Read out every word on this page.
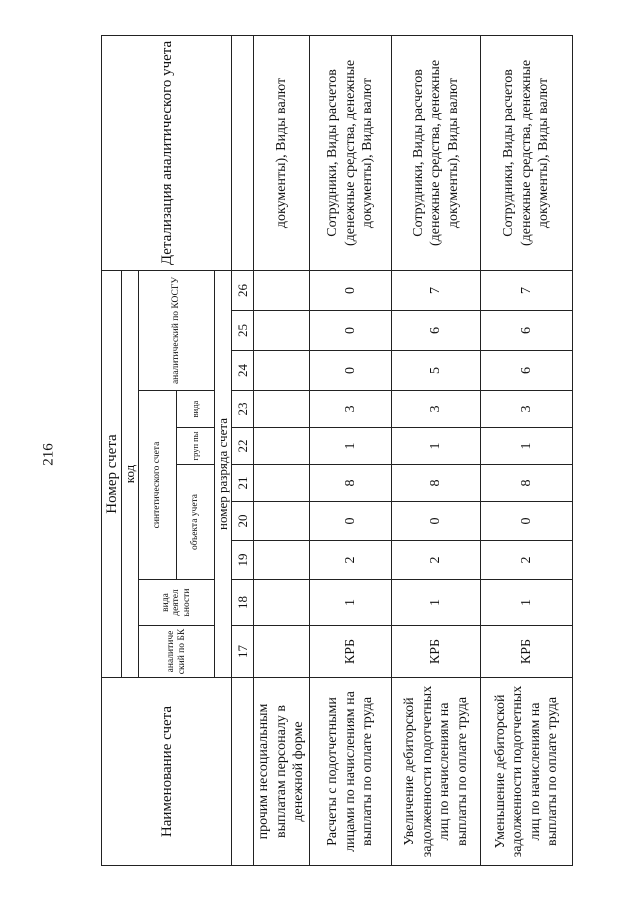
216
Наименование счета	Номер счета										Детализация аналитического учета
	код										
	аналитиче ский по БК	вида деятел ьности	синтетического счета					аналитический по КОСГУ			
			объекта учета			груп пы	вида				
	номер разряда счета										
	17	18	19	20	21	22	23	24	25	26	
прочим несоциальным выплатам персоналу в денежной форме											документы), Виды валют
Расчеты с подотчетными лицами по начислениям на выплаты по оплате труда	КРБ	1	2	0	8	1	3	0	0	0	Сотрудники, Виды расчетов (денежные средства, денежные документы), Виды валют
Увеличение дебиторской задолженности подотчетных лиц по начислениям на выплаты по оплате труда	КРБ	1	2	0	8	1	3	5	6	7	Сотрудники, Виды расчетов (денежные средства, денежные документы), Виды валют
Уменьшение дебиторской задолженности подотчетных лиц по начислениям на выплаты по оплате труда	КРБ	1	2	0	8	1	3	6	6	7	Сотрудники, Виды расчетов (денежные средства, денежные документы), Виды валют
